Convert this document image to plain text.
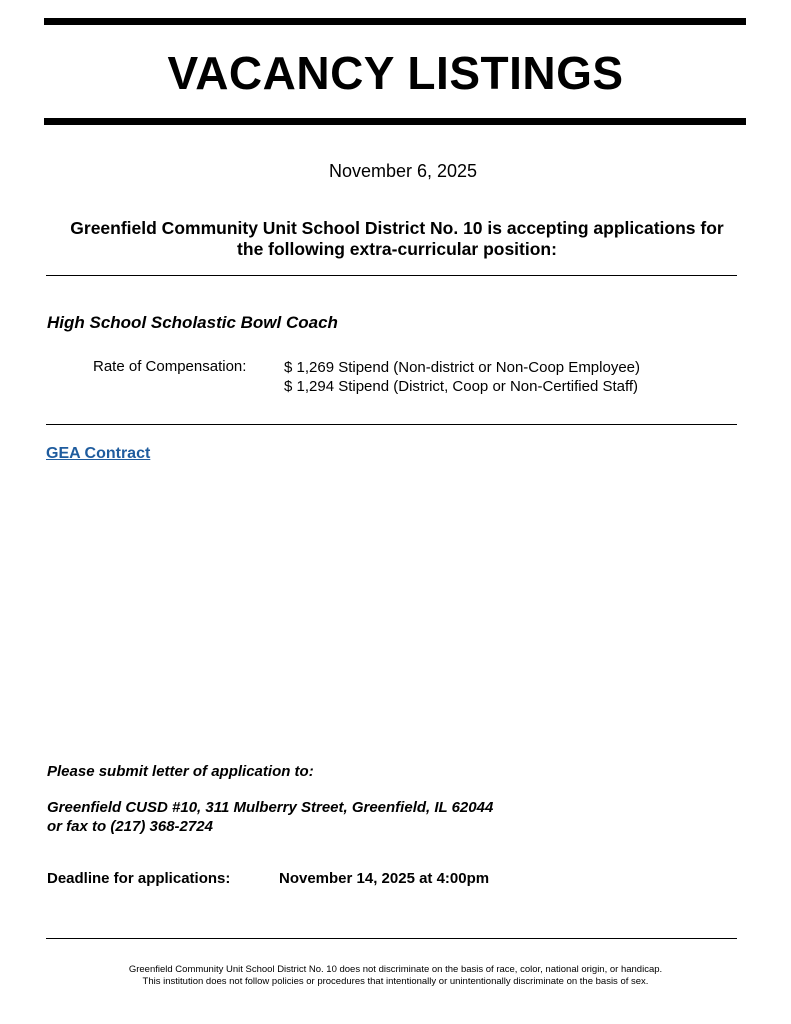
VACANCY LISTINGS
November 6, 2025
Greenfield Community Unit School District No. 10 is accepting applications for
the following extra-curricular position:
High School Scholastic Bowl Coach
Rate of Compensation:	$ 1,269 Stipend (Non-district or Non-Coop Employee)
$ 1,294 Stipend (District, Coop or Non-Certified Staff)
GEA Contract
Please submit letter of application to:
Greenfield CUSD #10, 311 Mulberry Street, Greenfield, IL 62044
or fax to (217) 368-2724
Deadline for applications:	November 14, 2025 at 4:00pm
Greenfield Community Unit School District No. 10 does not discriminate on the basis of race, color, national origin, or handicap.
This institution does not follow policies or procedures that intentionally or unintentionally discriminate on the basis of sex.
